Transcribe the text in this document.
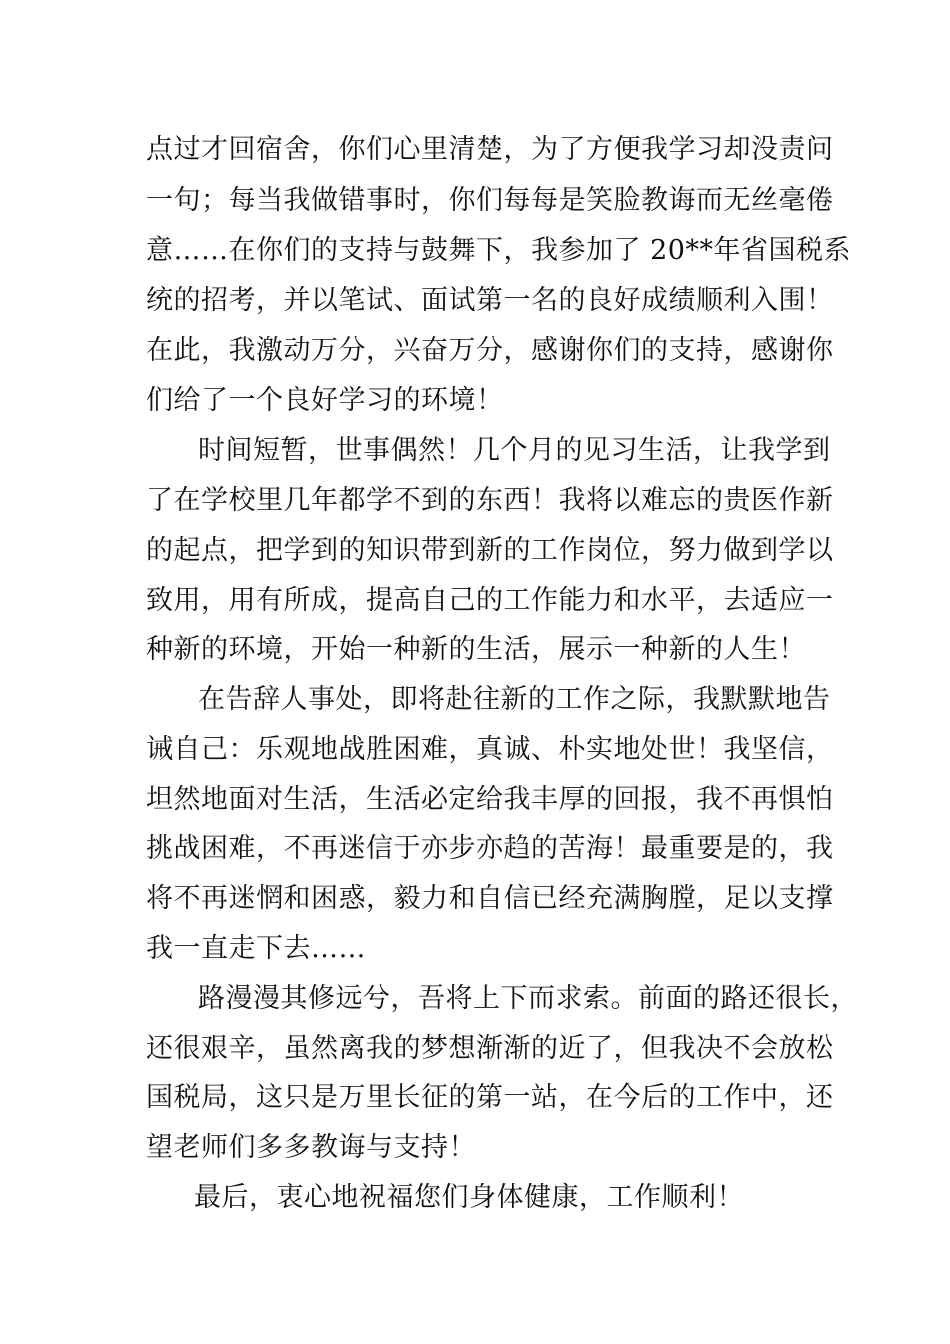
点过才回宿舍，你们心里清楚，为了方便我学习却没责问

一句；每当我做错事时，你们每每是笑脸教诲而无丝毫倦

意……在你们的支持与鼓舞下，我参加了 20**年省国税系

统的招考，并以笔试、面试第一名的良好成绩顺利入围！

在此，我激动万分，兴奋万分，感谢你们的支持，感谢你

们给了一个良好学习的环境！

时间短暂，世事偶然！几个月的见习生活，让我学到

了在学校里几年都学不到的东西！我将以难忘的贵医作新

的起点，把学到的知识带到新的工作岗位，努力做到学以

致用，用有所成，提高自己的工作能力和水平，去适应一

种新的环境，开始一种新的生活，展示一种新的人生！

在告辞人事处，即将赴往新的工作之际，我默默地告

诫自己：乐观地战胜困难，真诚、朴实地处世！我坚信，

坦然地面对生活，生活必定给我丰厚的回报，我不再惧怕

挑战困难，不再迷信于亦步亦趋的苦海！最重要是的，我

将不再迷惘和困惑，毅力和自信已经充满胸膛，足以支撑

我一直走下去……

路漫漫其修远兮，吾将上下而求索。前面的路还很长，

还很艰辛，虽然离我的梦想渐渐的近了，但我决不会放松

国税局，这只是万里长征的第一站，在今后的工作中，还

望老师们多多教诲与支持！

最后，衷心地祝福您们身体健康，工作顺利！
